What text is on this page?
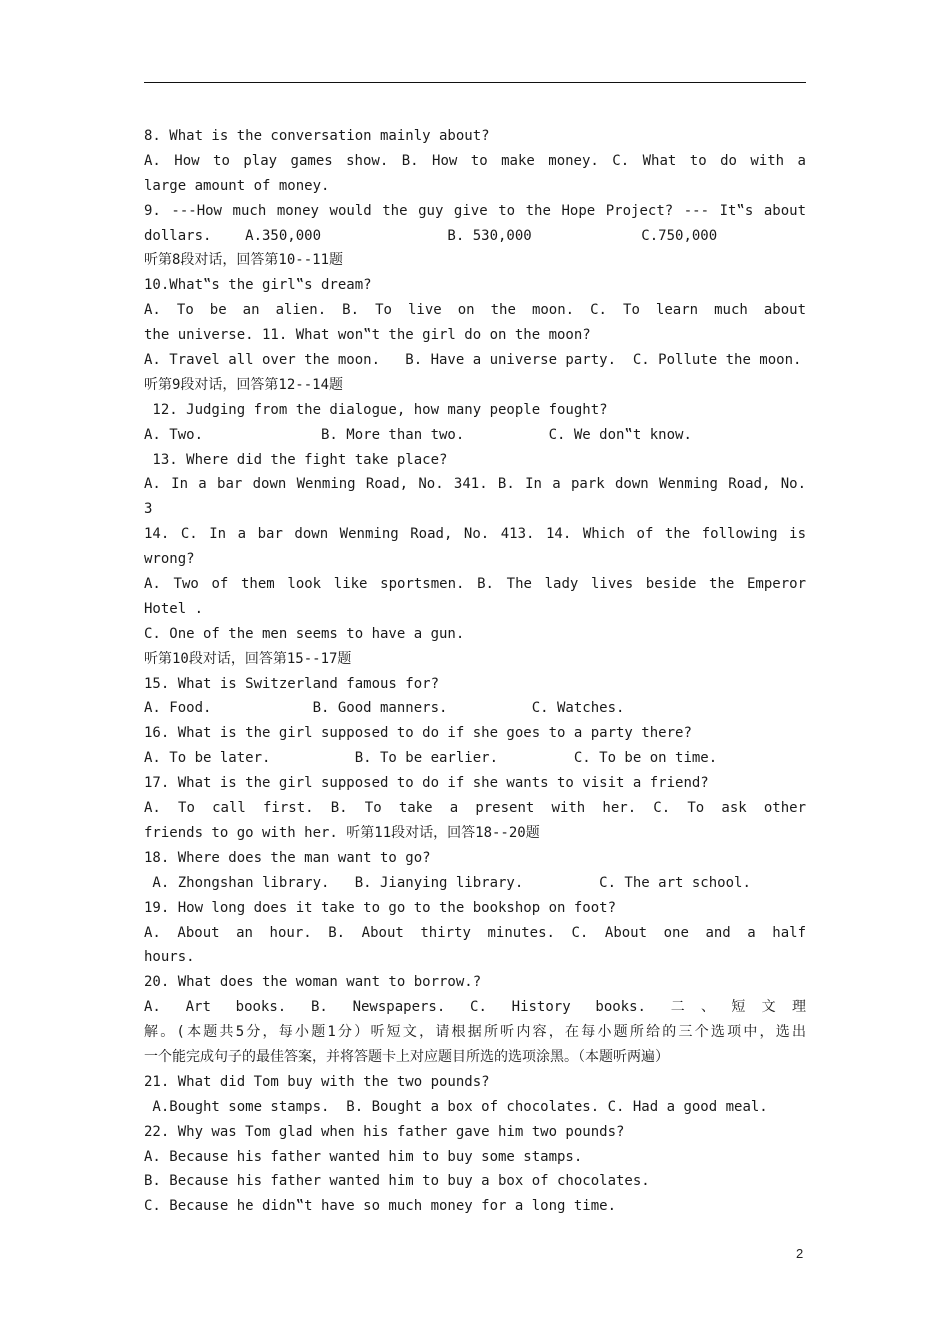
8. What is the conversation mainly about?
A. How to play games show. B. How to make money. C. What to do with a
large amount of money.
9. ---How much money would the guy give to the Hope Project? --- It‟s about
dollars.    A.350,000               B. 530,000             C.750,000
听第8段对话，回答第10--11题
10.What‟s the girl‟s dream?
A. To be an alien. B. To live on the moon. C. To learn much about
the universe. 11. What won‟t the girl do on the moon?
A. Travel all over the moon.   B. Have a universe party.  C. Pollute the moon.
听第9段对话，回答第12--14题
12. Judging from the dialogue, how many people fought?
A. Two.              B. More than two.          C. We don‟t know.
13. Where did the fight take place?
A. In a bar down Wenming Road, No. 341. B. In a park down Wenming Road, No.
3
14. C. In a bar down Wenming Road, No. 413. 14. Which of the following is
wrong?
A. Two of them look like sportsmen. B. The lady lives beside the Emperor
Hotel .
C. One of the men seems to have a gun.
听第10段对话，回答第15--17题
15. What is Switzerland famous for?
A. Food.            B. Good manners.          C. Watches.
16. What is the girl supposed to do if she goes to a party there?
A. To be later.          B. To be earlier.         C. To be on time.
17. What is the girl supposed to do if she wants to visit a friend?
A. To call first. B. To take a present with her. C. To ask other
friends to go with her. 听第11段对话，回答18--20题
18. Where does the man want to go?
A. Zhongshan library.   B. Jianying library.         C. The art school.
19. How long does it take to go to the bookshop on foot?
A. About an hour. B. About thirty minutes. C. About one and a half
hours.
20. What does the woman want to borrow.?
A. Art books. B. Newspapers. C. History books. 二、短文理
解。(本题共5分，每小题1分）听短文，请根据所听内容，在每小题所给的三个选项中，选出
一个能完成句子的最佳答案，并将答题卡上对应题目所选的选项涂黑。（本题听两遍）
21. What did Tom buy with the two pounds?
A.Bought some stamps.  B. Bought a box of chocolates. C. Had a good meal.
22. Why was Tom glad when his father gave him two pounds?
A. Because his father wanted him to buy some stamps.
B. Because his father wanted him to buy a box of chocolates.
C. Because he didn‟t have so much money for a long time.
2
